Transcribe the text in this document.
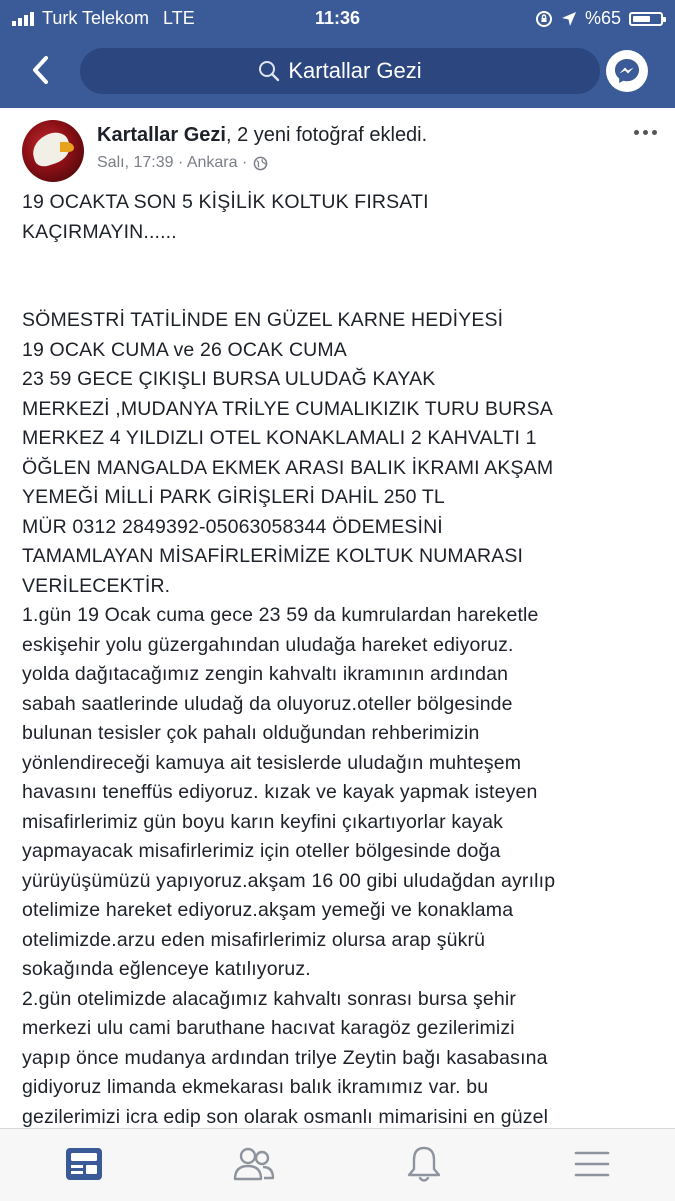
Turk Telekom LTE	11:36	%65
Kartallar Gezi
Kartallar Gezi, 2 yeni fotoğraf ekledi.
Salı, 17:39 · Ankara ·
19 OCAKTA SON 5 KİŞİLİK KOLTUK FIRSATI
KAÇIRMAYIN......
SÖMESTRİ TATİLİNDE EN GÜZEL KARNE HEDİYESİ
19 OCAK CUMA ve 26 OCAK CUMA
23 59 GECE ÇIKIŞLI BURSA ULUDAĞ KAYAK
MERKEZİ ,MUDANYA TRİLYE CUMALIKIZIK TURU BURSA
MERKEZ 4 YILDIZLI OTEL KONAKLAMALI 2 KAHVALTI 1
ÖĞLEN MANGALDA EKMEK ARASI BALIK İKRAMI AKŞAM
YEMEĞİ MİLLİ PARK GİRİŞLERİ DAHİL 250 TL
MÜR 0312 2849392-05063058344 ÖDEMESİNİ
TAMAMLAYAN MİSAFİRLERİMİZE KOLTUK NUMARASI
VERİLECEKTİR.
1.gün 19 Ocak cuma gece 23 59 da kumrulardan hareketle
eskişehir yolu güzergahından uludağa hareket ediyoruz.
yolda dağıtacağımız zengin kahvaltı ikramının ardından
sabah saatlerinde uludağ da oluyoruz.oteller bölgesinde
bulunan tesisler çok pahalı olduğundan rehberimizin
yönlendireceği kamuya ait tesislerde uludağın muhteşem
havasını teneffüs ediyoruz. kızak ve kayak yapmak isteyen
misafirlerimiz gün boyu karın keyfini çıkartıyorlar kayak
yapmayacak misafirlerimiz için oteller bölgesinde doğa
yürüyüşümüzü yapıyoruz.akşam 16 00 gibi uludağdan ayrılıp
otelimize hareket ediyoruz.akşam yemeği ve konaklama
otelimizde.arzu eden misafirlerimiz olursa arap şükrü
sokağında eğlenceye katılıyoruz.
2.gün otelimizde alacağımız kahvaltı sonrası bursa şehir
merkezi ulu cami baruthane hacıvat karagöz gezilerimizi
yapıp önce mudanya ardından trilye Zeytin bağı kasabasına
gidiyoruz limanda ekmekarası balık ikramımız var. bu
gezilerimizi icra edip son olarak osmanlı mimarisini en güzel
